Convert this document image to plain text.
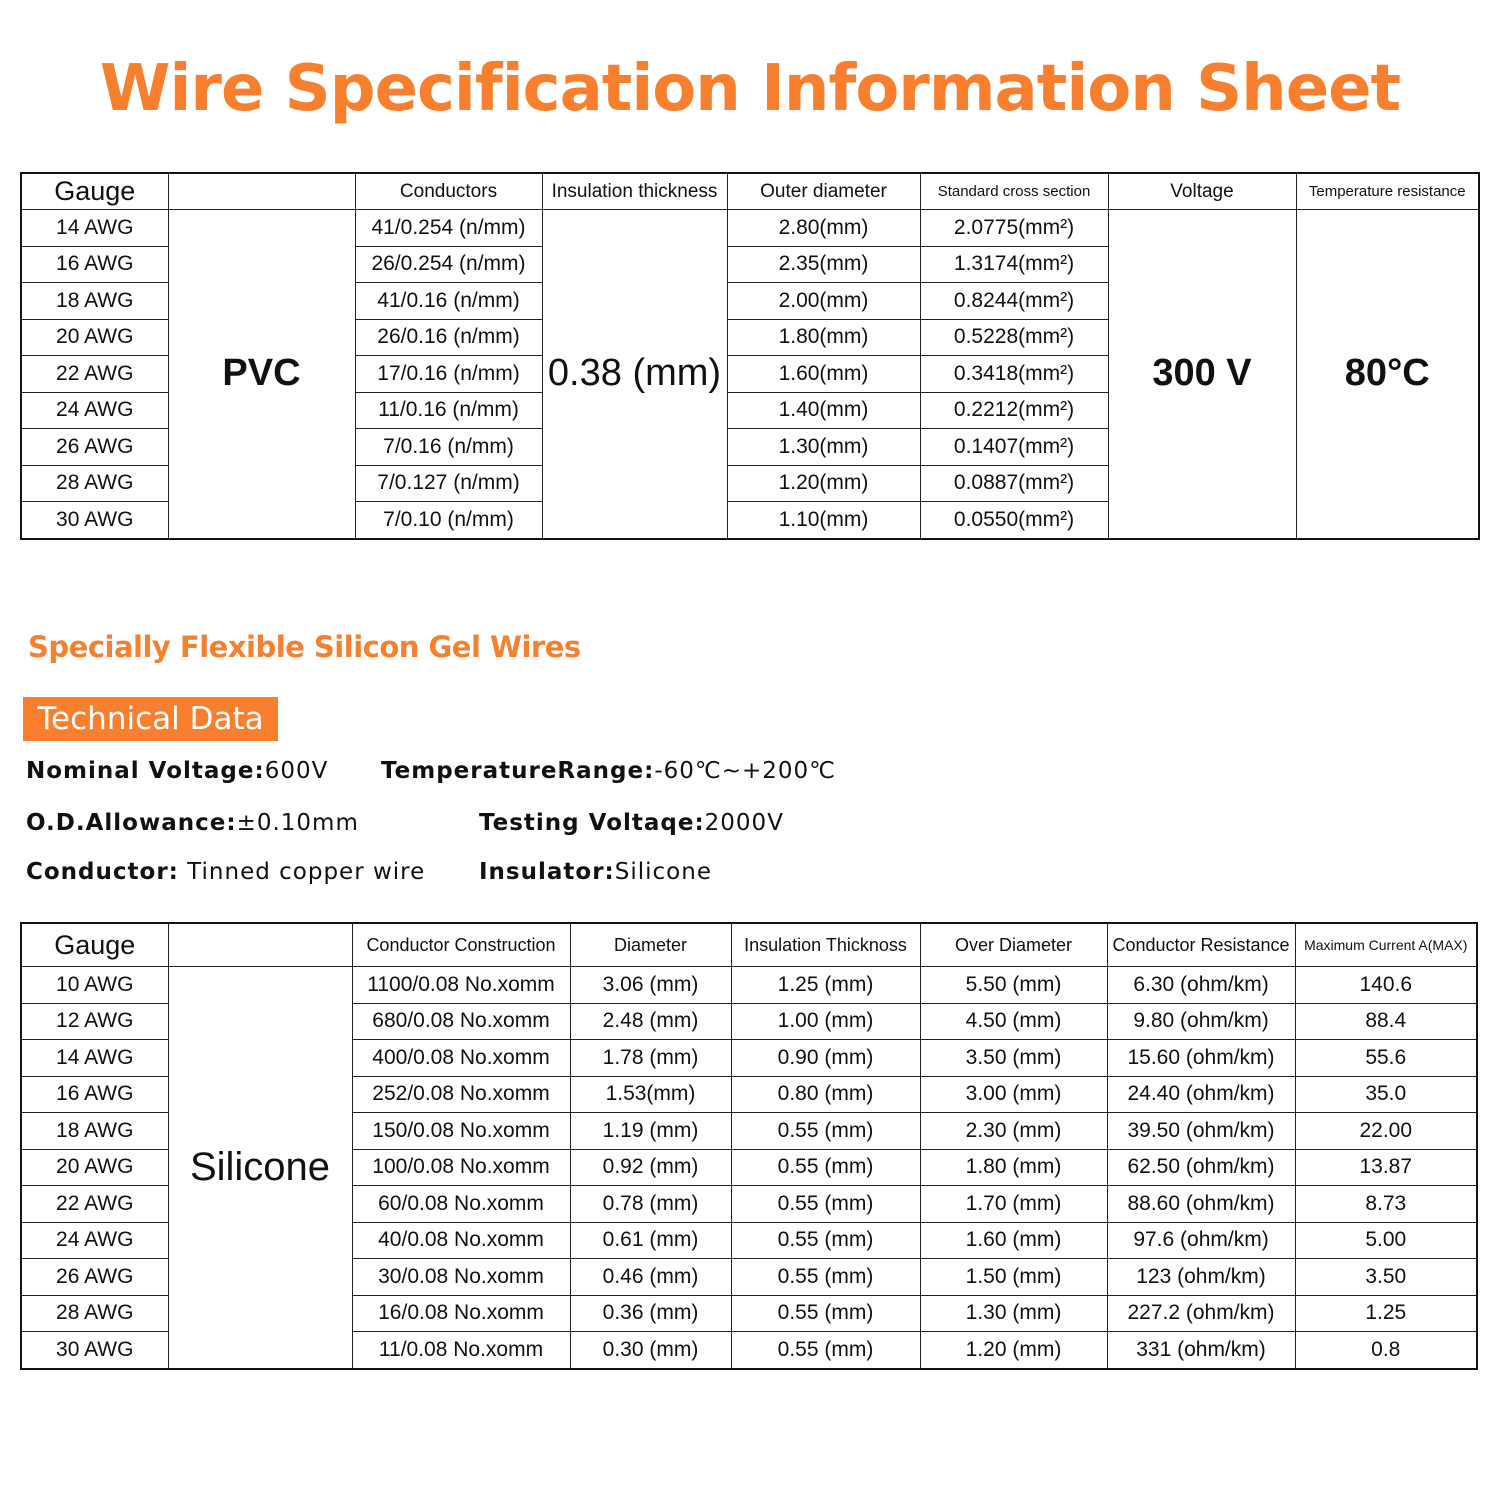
Wire Specification Information Sheet
Gauge		Conductors	Insulation thickness	Outer diameter	Standard cross section	Voltage	Temperature resistance
14 AWG	PVC	41/0.254 (n/mm)	0.38 (mm)	2.80(mm)	2.0775(mm²)	300 V	80°C
16 AWG		26/0.254 (n/mm)		2.35(mm)	1.3174(mm²)		
18 AWG		41/0.16 (n/mm)		2.00(mm)	0.8244(mm²)		
20 AWG		26/0.16 (n/mm)		1.80(mm)	0.5228(mm²)		
22 AWG		17/0.16 (n/mm)		1.60(mm)	0.3418(mm²)		
24 AWG		11/0.16 (n/mm)		1.40(mm)	0.2212(mm²)		
26 AWG		7/0.16 (n/mm)		1.30(mm)	0.1407(mm²)		
28 AWG		7/0.127 (n/mm)		1.20(mm)	0.0887(mm²)		
30 AWG		7/0.10 (n/mm)		1.10(mm)	0.0550(mm²)		
Specially Flexible Silicon Gel Wires
Technical Data
Nominal Voltage:600V TemperatureRange:-60℃~+200℃
O.D.Allowance:±0.10mm	Testing Voltaqe:2000V
Conductor: Tinned copper wire Insulator:Silicone
Gauge		Conductor Construction	Diameter	Insulation Thicknoss	Over Diameter	Conductor Resistance	Maximum Current A(MAX)
10 AWG	Silicone	1100/0.08 No.xomm	3.06 (mm)	1.25 (mm)	5.50 (mm)	6.30 (ohm/km)	140.6
12 AWG		680/0.08 No.xomm	2.48 (mm)	1.00 (mm)	4.50 (mm)	9.80 (ohm/km)	88.4
14 AWG		400/0.08 No.xomm	1.78 (mm)	0.90 (mm)	3.50 (mm)	15.60 (ohm/km)	55.6
16 AWG		252/0.08 No.xomm	1.53(mm)	0.80 (mm)	3.00 (mm)	24.40 (ohm/km)	35.0
18 AWG		150/0.08 No.xomm	1.19 (mm)	0.55 (mm)	2.30 (mm)	39.50 (ohm/km)	22.00
20 AWG		100/0.08 No.xomm	0.92 (mm)	0.55 (mm)	1.80 (mm)	62.50 (ohm/km)	13.87
22 AWG		60/0.08 No.xomm	0.78 (mm)	0.55 (mm)	1.70 (mm)	88.60 (ohm/km)	8.73
24 AWG		40/0.08 No.xomm	0.61 (mm)	0.55 (mm)	1.60 (mm)	97.6 (ohm/km)	5.00
26 AWG		30/0.08 No.xomm	0.46 (mm)	0.55 (mm)	1.50 (mm)	123 (ohm/km)	3.50
28 AWG		16/0.08 No.xomm	0.36 (mm)	0.55 (mm)	1.30 (mm)	227.2 (ohm/km)	1.25
30 AWG		11/0.08 No.xomm	0.30 (mm)	0.55 (mm)	1.20 (mm)	331 (ohm/km)	0.8
